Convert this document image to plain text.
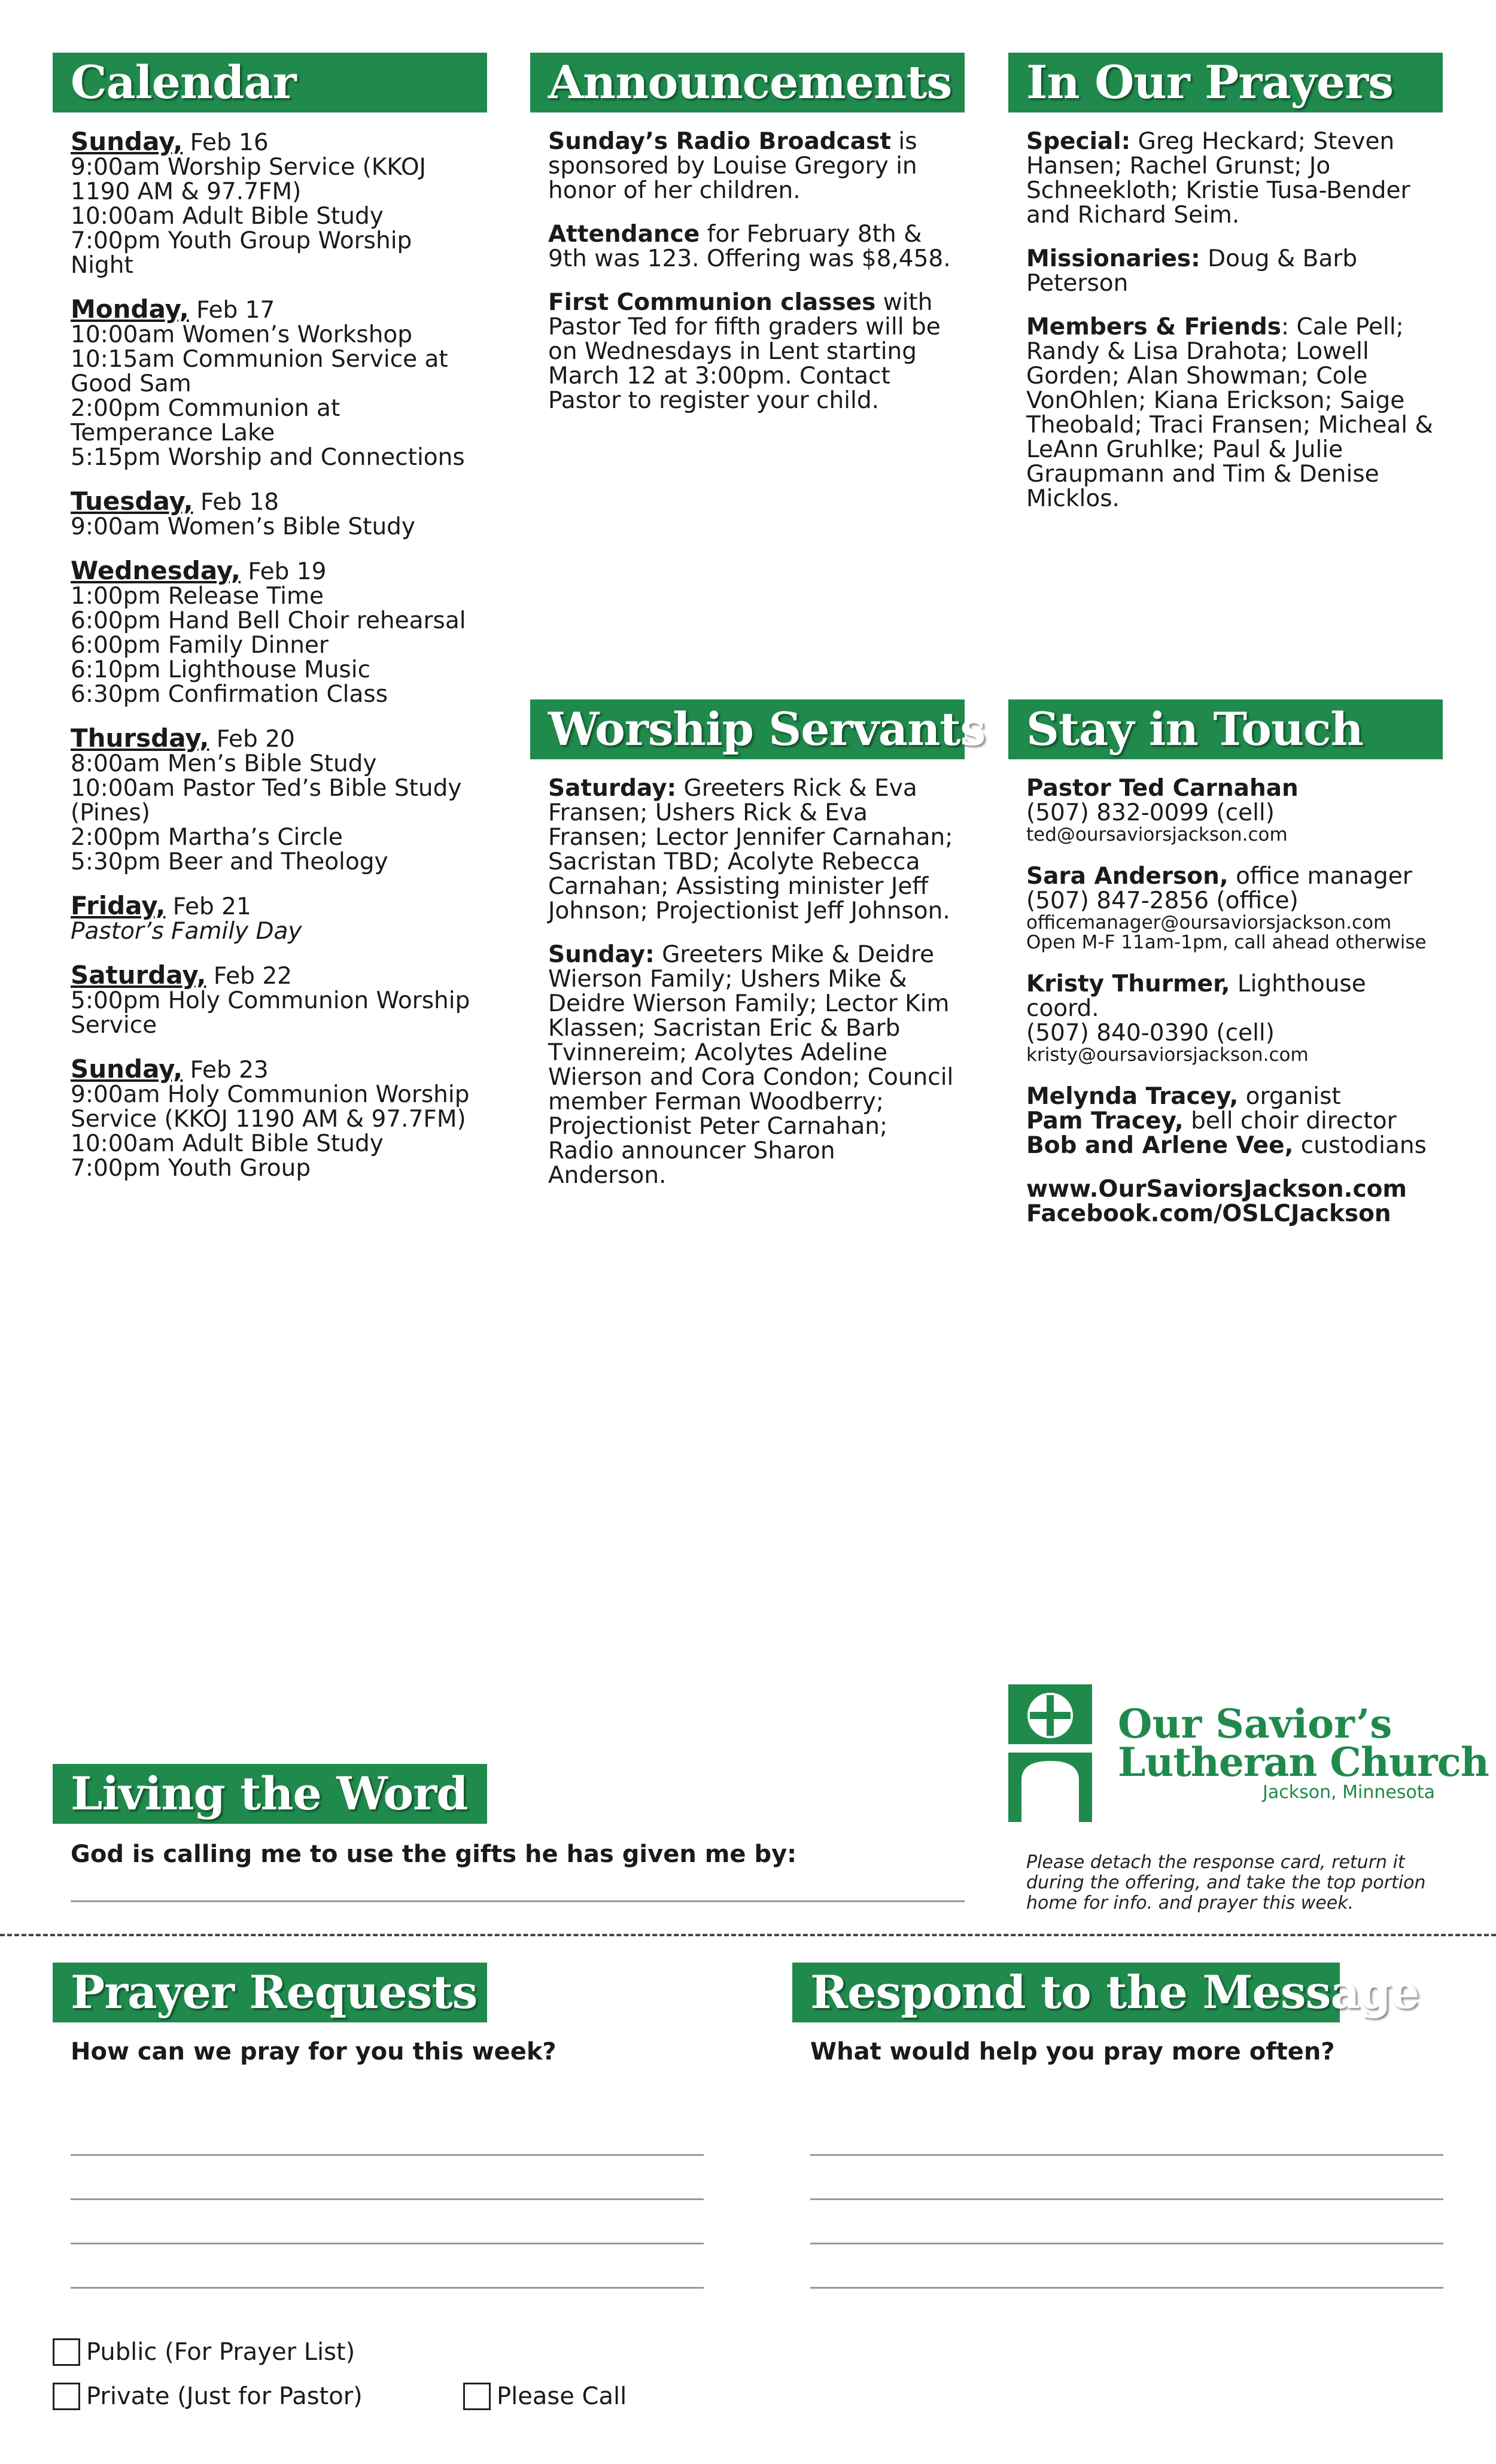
Calendar

Sunday, Feb 16

9:00am Worship Service (KKOJ 1190 AM & 97.7FM)

10:00am Adult Bible Study

7:00pm Youth Group Worship Night

Monday, Feb 17

10:00am Women’s Workshop

10:15am Communion Service at Good Sam

2:00pm Communion at Temperance Lake

5:15pm Worship and Connections

Tuesday, Feb 18

9:00am Women’s Bible Study

Wednesday, Feb 19

1:00pm Release Time

6:00pm Hand Bell Choir rehearsal

6:00pm Family Dinner

6:10pm Lighthouse Music

6:30pm Confirmation Class

Thursday, Feb 20

8:00am Men’s Bible Study

10:00am Pastor Ted’s Bible Study (Pines)

2:00pm Martha’s Circle

5:30pm Beer and Theology

Friday, Feb 21

Pastor’s Family Day

Saturday, Feb 22

5:00pm Holy Communion Worship Service

Sunday, Feb 23

9:00am Holy Communion Worship Service (KKOJ 1190 AM & 97.7FM)

10:00am Adult Bible Study

7:00pm Youth Group

Announcements

Sunday’s Radio Broadcast is sponsored by Louise Gregory in honor of her children.

Attendance for February 8th & 9th was 123. Offering was $8,458.

First Communion classes with Pastor Ted for fifth graders will be on Wednesdays in Lent starting March 12 at 3:00pm. Contact Pastor to register your child.

In Our Prayers

Special: Greg Heckard; Steven Hansen; Rachel Grunst; Jo Schneekloth; Kristie Tusa-Bender and Richard Seim.

Missionaries: Doug & Barb Peterson

Members & Friends: Cale Pell; Randy & Lisa Drahota; Lowell Gorden; Alan Showman; Cole VonOhlen; Kiana Erickson; Saige Theobald; Traci Fransen; Micheal & LeAnn Gruhlke; Paul & Julie Graupmann and Tim & Denise Micklos.

Worship Servants

Saturday: Greeters Rick & Eva Fransen; Ushers Rick & Eva Fransen; Lector Jennifer Carnahan; Sacristan TBD; Acolyte Rebecca Carnahan; Assisting minister Jeff Johnson; Projectionist Jeff Johnson.

Sunday: Greeters Mike & Deidre Wierson Family; Ushers Mike & Deidre Wierson Family; Lector Kim Klassen; Sacristan Eric & Barb Tvinnereim; Acolytes Adeline Wierson and Cora Condon; Council member Ferman Woodberry; Projectionist Peter Carnahan; Radio announcer Sharon Anderson.

Stay in Touch

Pastor Ted Carnahan

(507) 832-0099 (cell)

ted@oursaviorsjackson.com

Sara Anderson, office manager

(507) 847-2856 (office)

officemanager@oursaviorsjackson.com

Open M-F 11am-1pm, call ahead otherwise

Kristy Thurmer, Lighthouse coord.

(507) 840-0390 (cell)

kristy@oursaviorsjackson.com

Melynda Tracey, organist

Pam Tracey, bell choir director

Bob and Arlene Vee, custodians

www.OurSaviorsJackson.com

Facebook.com/OSLCJackson

Our Savior’s
Lutheran Church
Jackson, Minnesota
Living the Word
God is calling me to use the gifts he has given me by:	Please detach the response card, return it during the offering, and take the top portion home for info. and prayer this week.
Prayer Requests
How can we pray for you this week?
Respond to the Message
What would help you pray more often?
Public (For Prayer List)
Private (Just for Pastor)	Please Call
